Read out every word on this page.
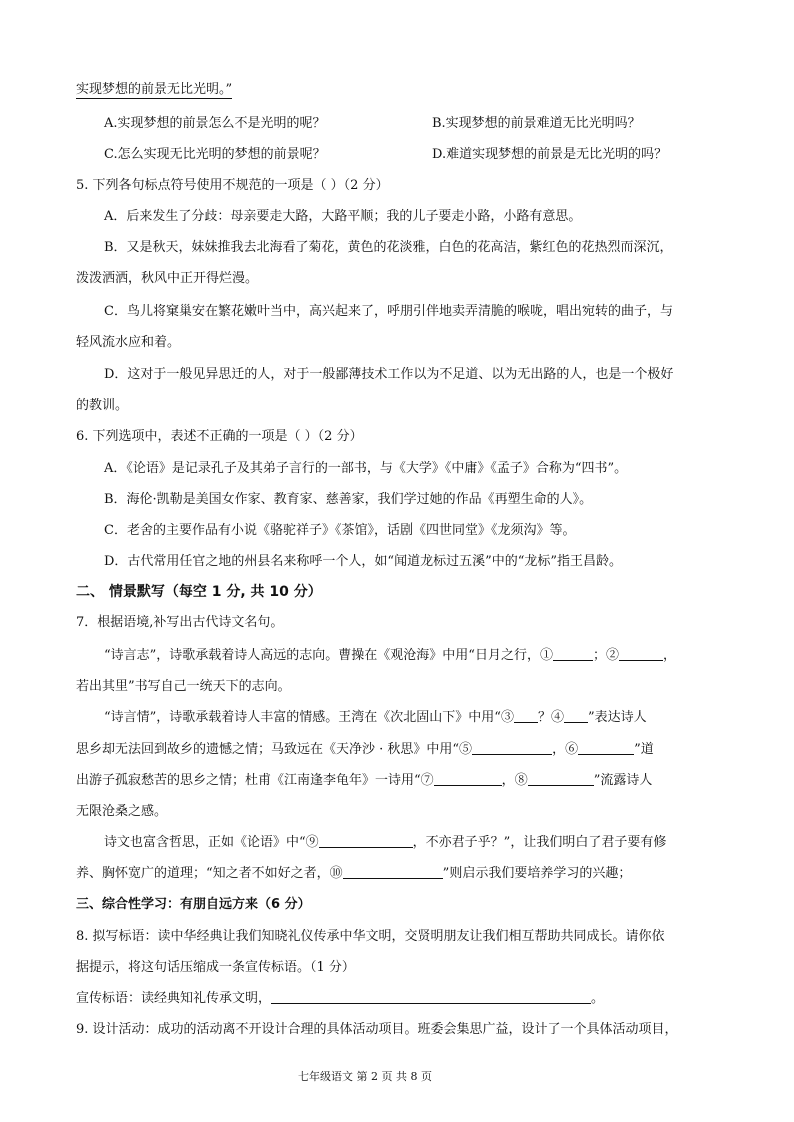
实现梦想的前景无比光明。”
A.实现梦想的前景怎么不是光明的呢？	B.实现梦想的前景难道无比光明吗？
C.怎么实现无比光明的梦想的前景呢？	D.难道实现梦想的前景是无比光明的吗？
5. 下列各句标点符号使用不规范的一项是（ ）（2 分）
A．后来发生了分歧：母亲要走大路，大路平顺；我的儿子要走小路，小路有意思。
B．又是秋天，妹妹推我去北海看了菊花，黄色的花淡雅，白色的花高洁，紫红色的花热烈而深沉，
泼泼洒洒，秋风中正开得烂漫。
C．鸟儿将窠巢安在繁花嫩叶当中，高兴起来了，呼朋引伴地卖弄清脆的喉咙，唱出宛转的曲子，与
轻风流水应和着。
D．这对于一般见异思迁的人，对于一般鄙薄技术工作以为不足道、以为无出路的人，也是一个极好
的教训。
6. 下列选项中，表述不正确的一项是（ ）（2 分）
A．《论语》是记录孔子及其弟子言行的一部书，与《大学》《中庸》《孟子》合称为“四书”。
B．海伦·凯勒是美国女作家、教育家、慈善家，我们学过她的作品《再塑生命的人》。
C．老舍的主要作品有小说《骆驼祥子》《茶馆》，话剧《四世同堂》《龙须沟》等。
D．古代常用任官之地的州县名来称呼一个人，如“闻道龙标过五溪”中的“龙标”指王昌龄。
二、 情景默写（每空 1 分, 共 10 分）
7．根据语境,补写出古代诗文名句。
“诗言志”，诗歌承载着诗人高远的志向。曹操在《观沧海》中用“日月之行，①	；②	，
若出其里”书写自己一统天下的志向。
“诗言情”，诗歌承载着诗人丰富的情感。王湾在《次北固山下》中用“③ ？④ ”表达诗人
思乡却无法回到故乡的遗憾之情；马致远在《天净沙 · 秋思》中用“⑤	，⑥	”道
出游子孤寂愁苦的思乡之情；杜甫《江南逢李龟年》一诗用“⑦	，⑧	”流露诗人
无限沧桑之感。
诗文也富含哲思，正如《论语》中“⑨	，不亦君子乎？”，让我们明白了君子要有修
养、胸怀宽广的道理；“知之者不如好之者，⑩	”则启示我们要培养学习的兴趣；
三、综合性学习：有朋自远方来（6 分）
8. 拟写标语：读中华经典让我们知晓礼仪传承中华文明，交贤明朋友让我们相互帮助共同成长。请你依
据提示，将这句话压缩成一条宣传标语。（1 分）
宣传标语：读经典知礼传承文明，	。
9. 设计活动：成功的活动离不开设计合理的具体活动项目。班委会集思广益，设计了一个具体活动项目，
七年级语文 第 2 页 共 8 页
